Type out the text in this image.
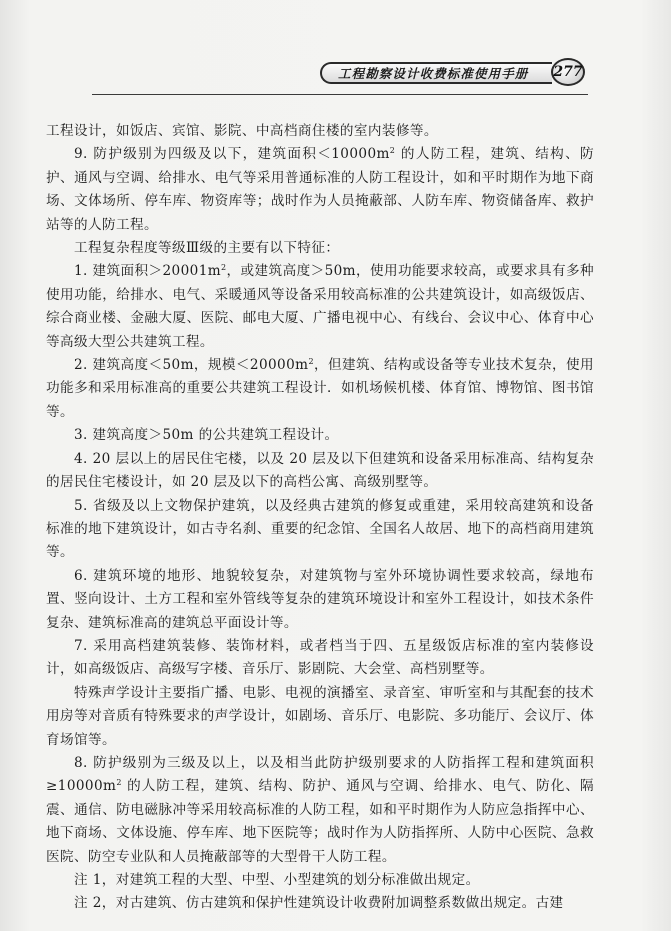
工程勘察设计收费标准使用手册 277

工程设计，如饭店、宾馆、影院、中高档商住楼的室内装修等。

9. 防护级别为四级及以下，建筑面积$<10000m^2$ 的人防工程，建筑、结构、防护、通风与空调、给排水、电气等采用普通标准的人防工程设计，如和平时期作为地下商场、文体场所、停车库、物资库等；战时作为人员掩蔽部、人防车库、物资储备库、救护站等的人防工程。

工程复杂程度等级Ⅲ级的主要有以下特征：

1. 建筑面积$>20001m^2$，或建筑高度＞50m，使用功能要求较高，或要求具有多种使用功能，给排水、电气、采暖通风等设备采用较高标准的公共建筑设计，如高级饭店、综合商业楼、金融大厦、医院、邮电大厦、广播电视中心、有线台、会议中心、体育中心等高级大型公共建筑工程。

2. 建筑高度＜50m，规模$<20000m^2$，但建筑、结构或设备等专业技术复杂，使用功能多和采用标准高的重要公共建筑工程设计．如机场候机楼、体育馆、博物馆、图书馆等。

3. 建筑高度＞50m 的公共建筑工程设计。

4. 20 层以上的居民住宅楼，以及 20 层及以下但建筑和设备采用标准高、结构复杂的居民住宅楼设计，如 20 层及以下的高档公寓、高级别墅等。

5. 省级及以上文物保护建筑，以及经典古建筑的修复或重建，采用较高建筑和设备标准的地下建筑设计，如古寺名刹、重要的纪念馆、全国名人故居、地下的高档商用建筑等。

6. 建筑环境的地形、地貌较复杂，对建筑物与室外环境协调性要求较高，绿地布置、竖向设计、土方工程和室外管线等复杂的建筑环境设计和室外工程设计，如技术条件复杂、建筑标准高的建筑总平面设计等。

7. 采用高档建筑装修、装饰材料，或者档当于四、五星级饭店标准的室内装修设计，如高级饭店、高级写字楼、音乐厅、影剧院、大会堂、高档别墅等。

特殊声学设计主要指广播、电影、电视的演播室、录音室、审听室和与其配套的技术用房等对音质有特殊要求的声学设计，如剧场、音乐厅、电影院、多功能厅、会议厅、体育场馆等。

8. 防护级别为三级及以上，以及相当此防护级别要求的人防指挥工程和建筑面积$\ge 10000m^2$ 的人防工程，建筑、结构、防护、通风与空调、给排水、电气、防化、隔震、通信、防电磁脉冲等采用较高标准的人防工程，如和平时期作为人防应急指挥中心、地下商场、文体设施、停车库、地下医院等；战时作为人防指挥所、人防中心医院、急救医院、防空专业队和人员掩蔽部等的大型骨干人防工程。

注 1，对建筑工程的大型、中型、小型建筑的划分标准做出规定。

注 2，对古建筑、仿古建筑和保护性建筑设计收费附加调整系数做出规定。古建
